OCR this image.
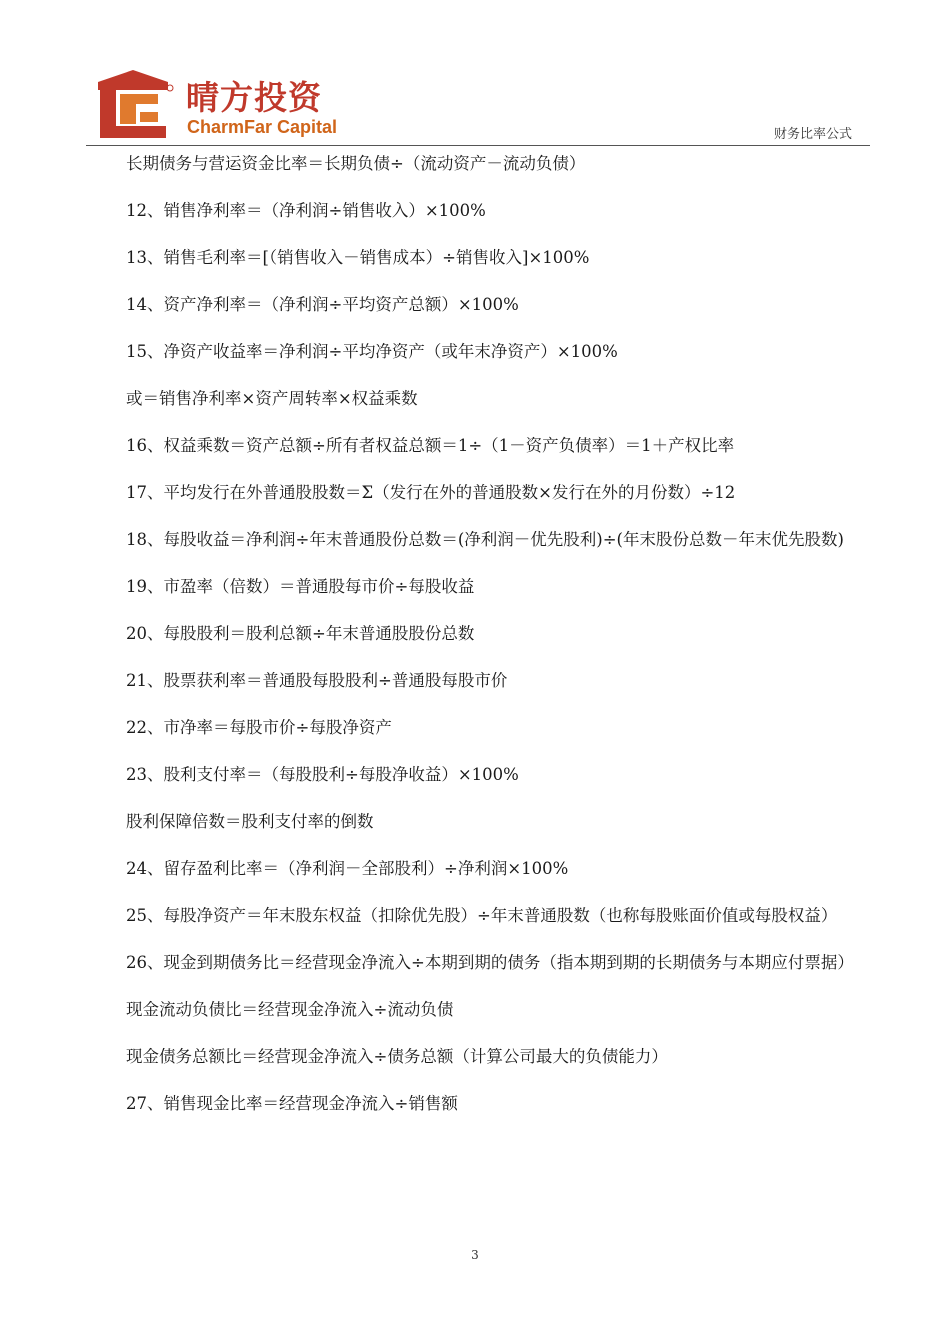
晴方投资
CharmFar Capital	财务比率公式

长期债务与营运资金比率＝长期负债÷（流动资产－流动负债）

12、销售净利率＝（净利润÷销售收入）×100%

13、销售毛利率＝[（销售收入－销售成本）÷销售收入]×100%

14、资产净利率＝（净利润÷平均资产总额）×100%

15、净资产收益率＝净利润÷平均净资产（或年末净资产）×100%

或＝销售净利率×资产周转率×权益乘数

16、权益乘数＝资产总额÷所有者权益总额＝1÷（1－资产负债率）＝1＋产权比率

17、平均发行在外普通股股数＝Σ（发行在外的普通股数×发行在外的月份数）÷12

18、每股收益＝净利润÷年末普通股份总数＝(净利润－优先股利)÷(年末股份总数－年末优先股数)

19、市盈率（倍数）＝普通股每市价÷每股收益

20、每股股利＝股利总额÷年末普通股股份总数

21、股票获利率＝普通股每股股利÷普通股每股市价

22、市净率＝每股市价÷每股净资产

23、股利支付率＝（每股股利÷每股净收益）×100%

股利保障倍数＝股利支付率的倒数

24、留存盈利比率＝（净利润－全部股利）÷净利润×100%

25、每股净资产＝年末股东权益（扣除优先股）÷年末普通股数（也称每股账面价值或每股权益）

26、现金到期债务比＝经营现金净流入÷本期到期的债务（指本期到期的长期债务与本期应付票据）

现金流动负债比＝经营现金净流入÷流动负债

现金债务总额比＝经营现金净流入÷债务总额（计算公司最大的负债能力）

27、销售现金比率＝经营现金净流入÷销售额

3
